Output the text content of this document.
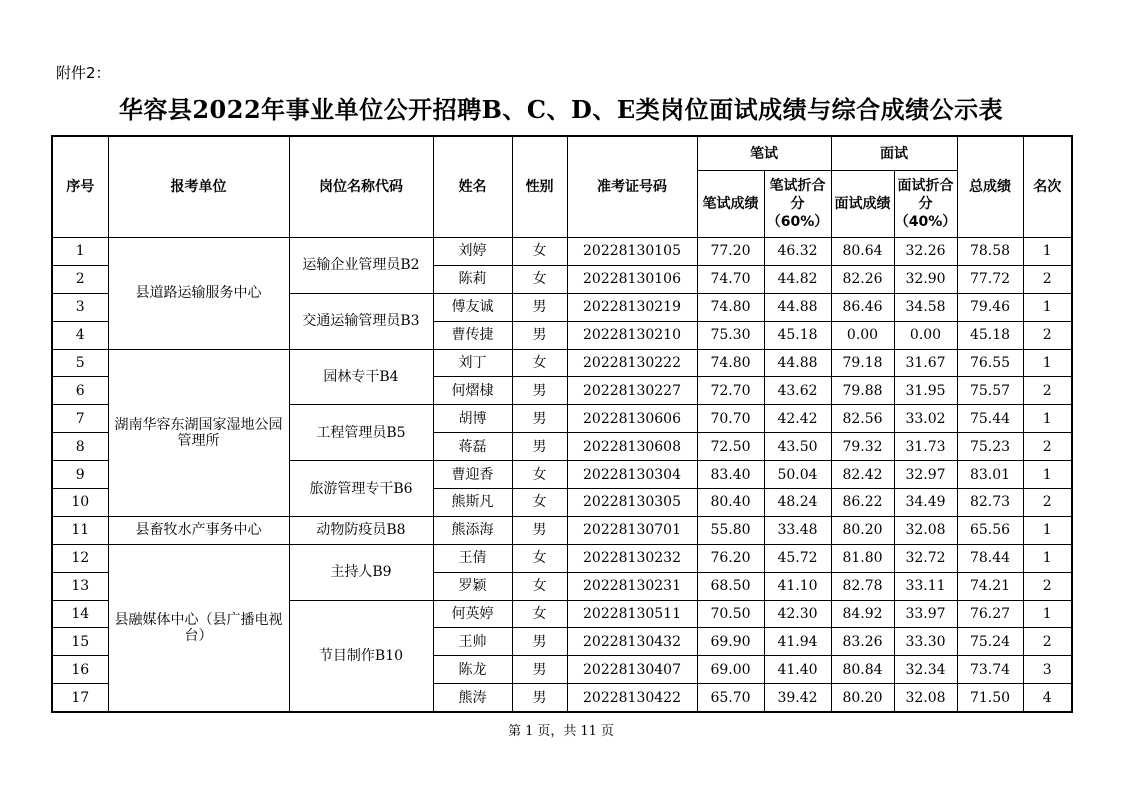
附件2：
华容县2022年事业单位公开招聘B、C、D、E类岗位面试成绩与综合成绩公示表
序号	报考单位	岗位名称代码	姓名	性别	准考证号码	笔试		面试		总成绩	名次
						笔试成绩	笔试折合分（60%）	面试成绩	面试折合分（40%）		
1	县道路运输服务中心	运输企业管理员B2	刘婷	女	20228130105	77.20	46.32	80.64	32.26	78.58	1
2			陈莉	女	20228130106	74.70	44.82	82.26	32.90	77.72	2
3		交通运输管理员B3	傅友诚	男	20228130219	74.80	44.88	86.46	34.58	79.46	1
4			曹传捷	男	20228130210	75.30	45.18	0.00	0.00	45.18	2
5	湖南华容东湖国家湿地公园管理所	园林专干B4	刘丁	女	20228130222	74.80	44.88	79.18	31.67	76.55	1
6			何熠棣	男	20228130227	72.70	43.62	79.88	31.95	75.57	2
7		工程管理员B5	胡博	男	20228130606	70.70	42.42	82.56	33.02	75.44	1
8			蒋磊	男	20228130608	72.50	43.50	79.32	31.73	75.23	2
9		旅游管理专干B6	曹迎香	女	20228130304	83.40	50.04	82.42	32.97	83.01	1
10			熊斯凡	女	20228130305	80.40	48.24	86.22	34.49	82.73	2
11	县畜牧水产事务中心	动物防疫员B8	熊添海	男	20228130701	55.80	33.48	80.20	32.08	65.56	1
12	县融媒体中心（县广播电视台）	主持人B9	王倩	女	20228130232	76.20	45.72	81.80	32.72	78.44	1
13			罗颖	女	20228130231	68.50	41.10	82.78	33.11	74.21	2
14		节目制作B10	何英婷	女	20228130511	70.50	42.30	84.92	33.97	76.27	1
15			王帅	男	20228130432	69.90	41.94	83.26	33.30	75.24	2
16			陈龙	男	20228130407	69.00	41.40	80.84	32.34	73.74	3
17			熊涛	男	20228130422	65.70	39.42	80.20	32.08	71.50	4
第 1 页，共 11 页
